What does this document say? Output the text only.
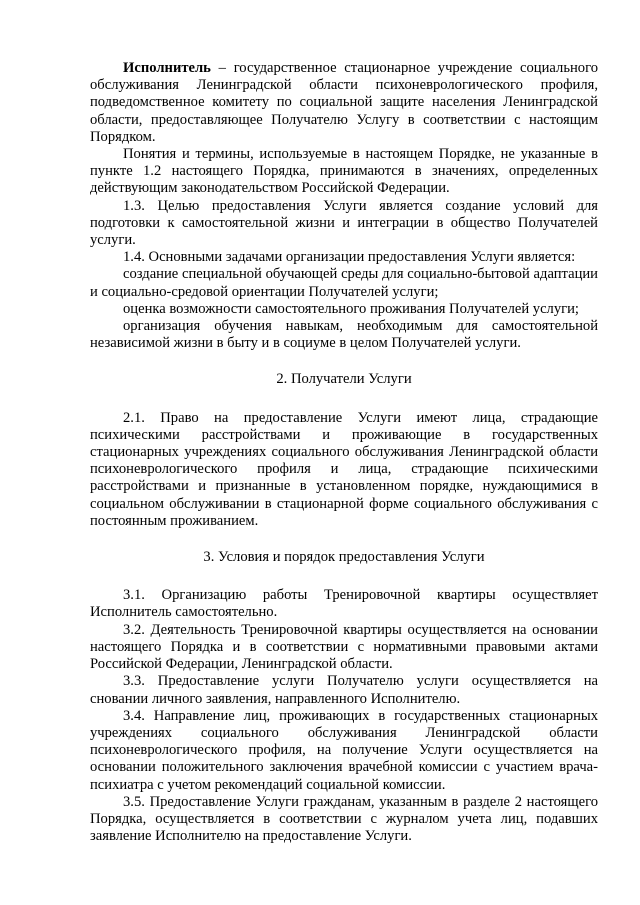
Исполнитель – государственное стационарное учреждение социального обслуживания Ленинградской области психоневрологического профиля, подведомственное комитету по социальной защите населения Ленинградской области, предоставляющее Получателю Услугу в соответствии с настоящим Порядком.

Понятия и термины, используемые в настоящем Порядке, не указанные в пункте 1.2 настоящего Порядка, принимаются в значениях, определенных действующим законодательством Российской Федерации.

1.3. Целью предоставления Услуги является создание условий для подготовки к самостоятельной жизни и интеграции в общество Получателей услуги.

1.4. Основными задачами организации предоставления Услуги является:

создание специальной обучающей среды для социально-бытовой адаптации и социально-средовой ориентации Получателей услуги;

оценка возможности самостоятельного проживания Получателей услуги;

организация обучения навыкам, необходимым для самостоятельной независимой жизни в быту и в социуме в целом Получателей услуги.

2. Получатели Услуги

2.1. Право на предоставление Услуги имеют лица, страдающие психическими расстройствами и проживающие в государственных стационарных учреждениях социального обслуживания Ленинградской области психоневрологического профиля и лица, страдающие психическими расстройствами и признанные в установленном порядке, нуждающимися в социальном обслуживании в стационарной форме социального обслуживания с постоянным проживанием.

3. Условия и порядок предоставления Услуги

3.1. Организацию работы Тренировочной квартиры осуществляет Исполнитель самостоятельно.

3.2. Деятельность Тренировочной квартиры осуществляется на основании настоящего Порядка и в соответствии с нормативными правовыми актами Российской Федерации, Ленинградской области.

3.3. Предоставление услуги Получателю услуги осуществляется на сновании личного заявления, направленного Исполнителю.

3.4. Направление лиц, проживающих в государственных стационарных учреждениях социального обслуживания Ленинградской области психоневрологического профиля, на получение Услуги осуществляется на основании положительного заключения врачебной комиссии с участием врача-психиатра с учетом рекомендаций социальной комиссии.

3.5. Предоставление Услуги гражданам, указанным в разделе 2 настоящего Порядка, осуществляется в соответствии с журналом учета лиц, подавших заявление Исполнителю на предоставление Услуги.
